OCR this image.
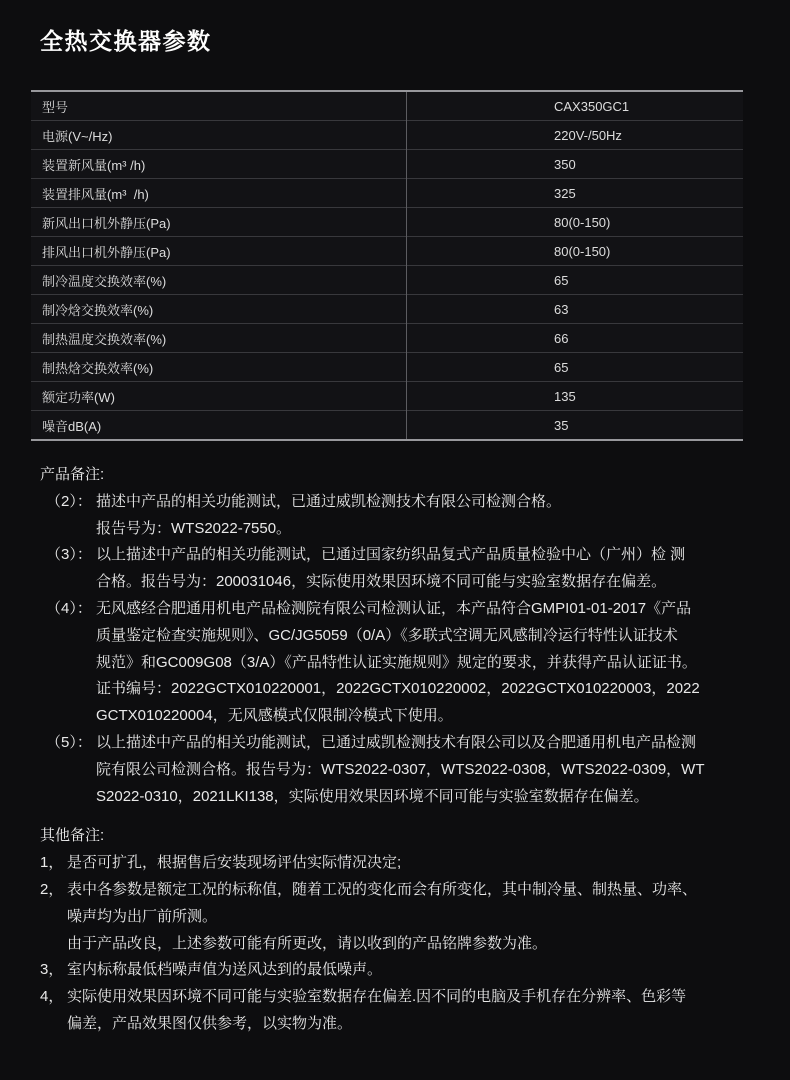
全热交换器参数
型号	CAX350GC1
电源(V~/Hz)	220V-/50Hz
装置新风量(m³ /h)	350
装置排风量(m³  /h)	325
新风出口机外静压(Pa)	80(0-150)
排风出口机外静压(Pa)	80(0-150)
制冷温度交换效率(%)	65
制冷焓交换效率(%)	63
制热温度交换效率(%)	66
制热焓交换效率(%)	65
额定功率(W)	135
噪音dB(A)	35
产品备注:
（2）： 描述中产品的相关功能测试，已通过威凯检测技术有限公司检测合格。
报告号为：WTS2022-7550。
（3）： 以上描述中产品的相关功能测试，已通过国家纺织品复式产品质量检验中心（广州）检 测
合格。报告号为：200031046，实际使用效果因环境不同可能与实验室数据存在偏差。
（4）： 无风感经合肥通用机电产品检测院有限公司检测认证，本产品符合GMPI01-01-2017《产品
质量鉴定检查实施规则》、GC/JG5059（0/A）《多联式空调无风感制冷运行特性认证技术
规范》和GC009G08（3/A）《产品特性认证实施规则》规定的要求，并获得产品认证证书。
证书编号：2022GCTX010220001，2022GCTX010220002，2022GCTX010220003，2022
GCTX010220004，无风感模式仅限制冷模式下使用。
（5）： 以上描述中产品的相关功能测试，已通过威凯检测技术有限公司以及合肥通用机电产品检测
院有限公司检测合格。报告号为：WTS2022-0307，WTS2022-0308，WTS2022-0309，WT
S2022-0310，2021LKI138，实际使用效果因环境不同可能与实验室数据存在偏差。
其他备注:
1， 是否可扩孔，根据售后安装现场评估实际情况决定;
2， 表中各参数是额定工况的标称值，随着工况的变化而会有所变化，其中制冷量、制热量、功率、
噪声均为出厂前所测。
由于产品改良，上述参数可能有所更改，请以收到的产品铭牌参数为准。
3， 室内标称最低档噪声值为送风达到的最低噪声。
4， 实际使用效果因环境不同可能与实验室数据存在偏差.因不同的电脑及手机存在分辨率、色彩等
偏差，产品效果图仅供参考，以实物为准。
